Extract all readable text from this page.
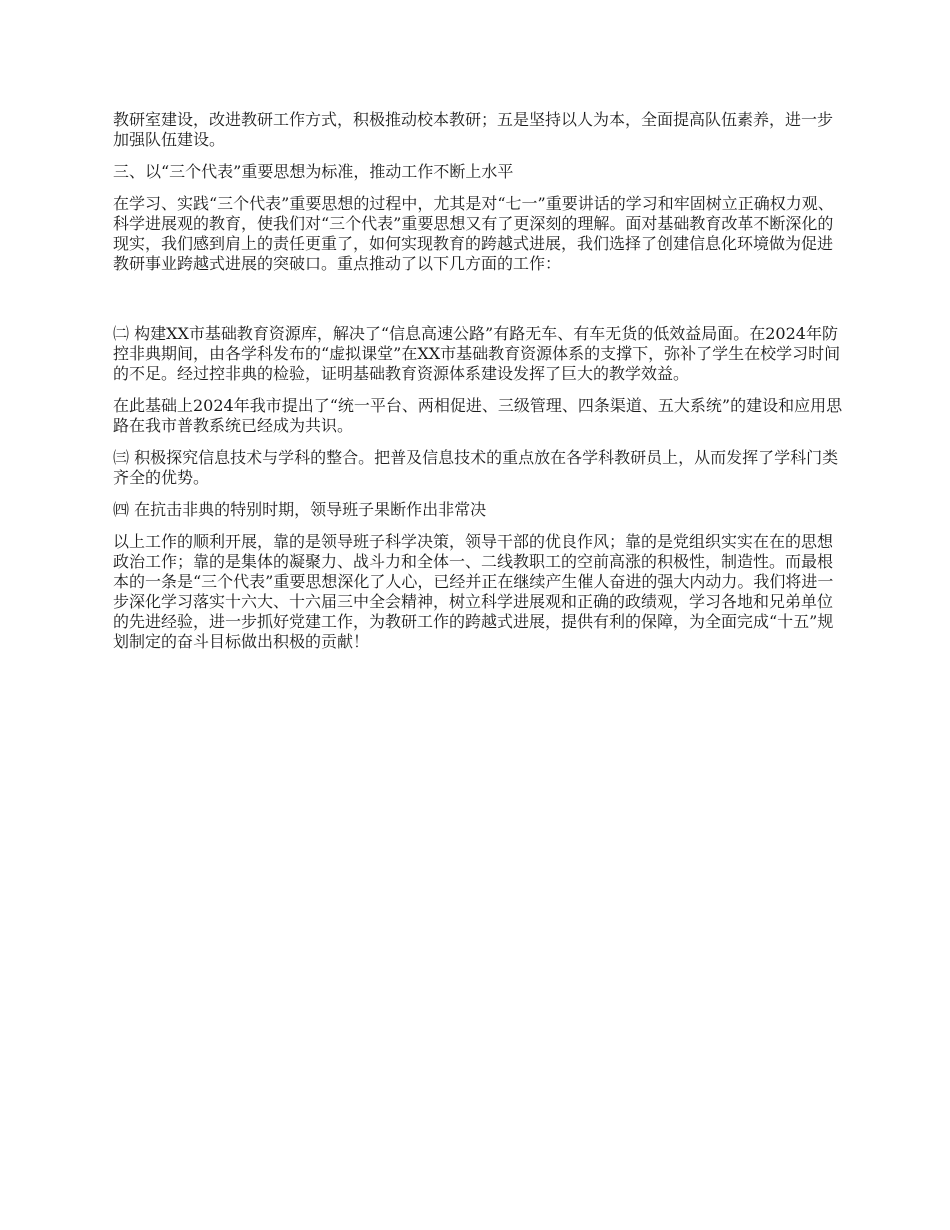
教研室建设，改进教研工作方式，积极推动校本教研；五是坚持以人为本，全面提高队伍素养，进一步加强队伍建设。

三、以“三个代表”重要思想为标准，推动工作不断上水平

在学习、实践“三个代表”重要思想的过程中，尤其是对“七一”重要讲话的学习和牢固树立正确权力观、科学进展观的教育，使我们对“三个代表”重要思想又有了更深刻的理解。面对基础教育改革不断深化的现实，我们感到肩上的责任更重了，如何实现教育的跨越式进展，我们选择了创建信息化环境做为促进教研事业跨越式进展的突破口。重点推动了以下几方面的工作：

㈡ 构建XX市基础教育资源库，解决了“信息高速公路”有路无车、有车无货的低效益局面。在2024年防控非典期间，由各学科发布的“虚拟课堂”在XX市基础教育资源体系的支撑下，弥补了学生在校学习时间的不足。经过控非典的检验，证明基础教育资源体系建设发挥了巨大的教学效益。

在此基础上2024年我市提出了“统一平台、两相促进、三级管理、四条渠道、五大系统”的建设和应用思路在我市普教系统已经成为共识。

㈢ 积极探究信息技术与学科的整合。把普及信息技术的重点放在各学科教研员上，从而发挥了学科门类齐全的优势。

㈣ 在抗击非典的特别时期，领导班子果断作出非常决

以上工作的顺利开展，靠的是领导班子科学决策，领导干部的优良作风；靠的是党组织实实在在的思想政治工作；靠的是集体的凝聚力、战斗力和全体一、二线教职工的空前高涨的积极性，制造性。而最根本的一条是“三个代表”重要思想深化了人心，已经并正在继续产生催人奋进的强大内动力。我们将进一步深化学习落实十六大、十六届三中全会精神，树立科学进展观和正确的政绩观，学习各地和兄弟单位的先进经验，进一步抓好党建工作，为教研工作的跨越式进展，提供有利的保障，为全面完成“十五”规划制定的奋斗目标做出积极的贡献！
